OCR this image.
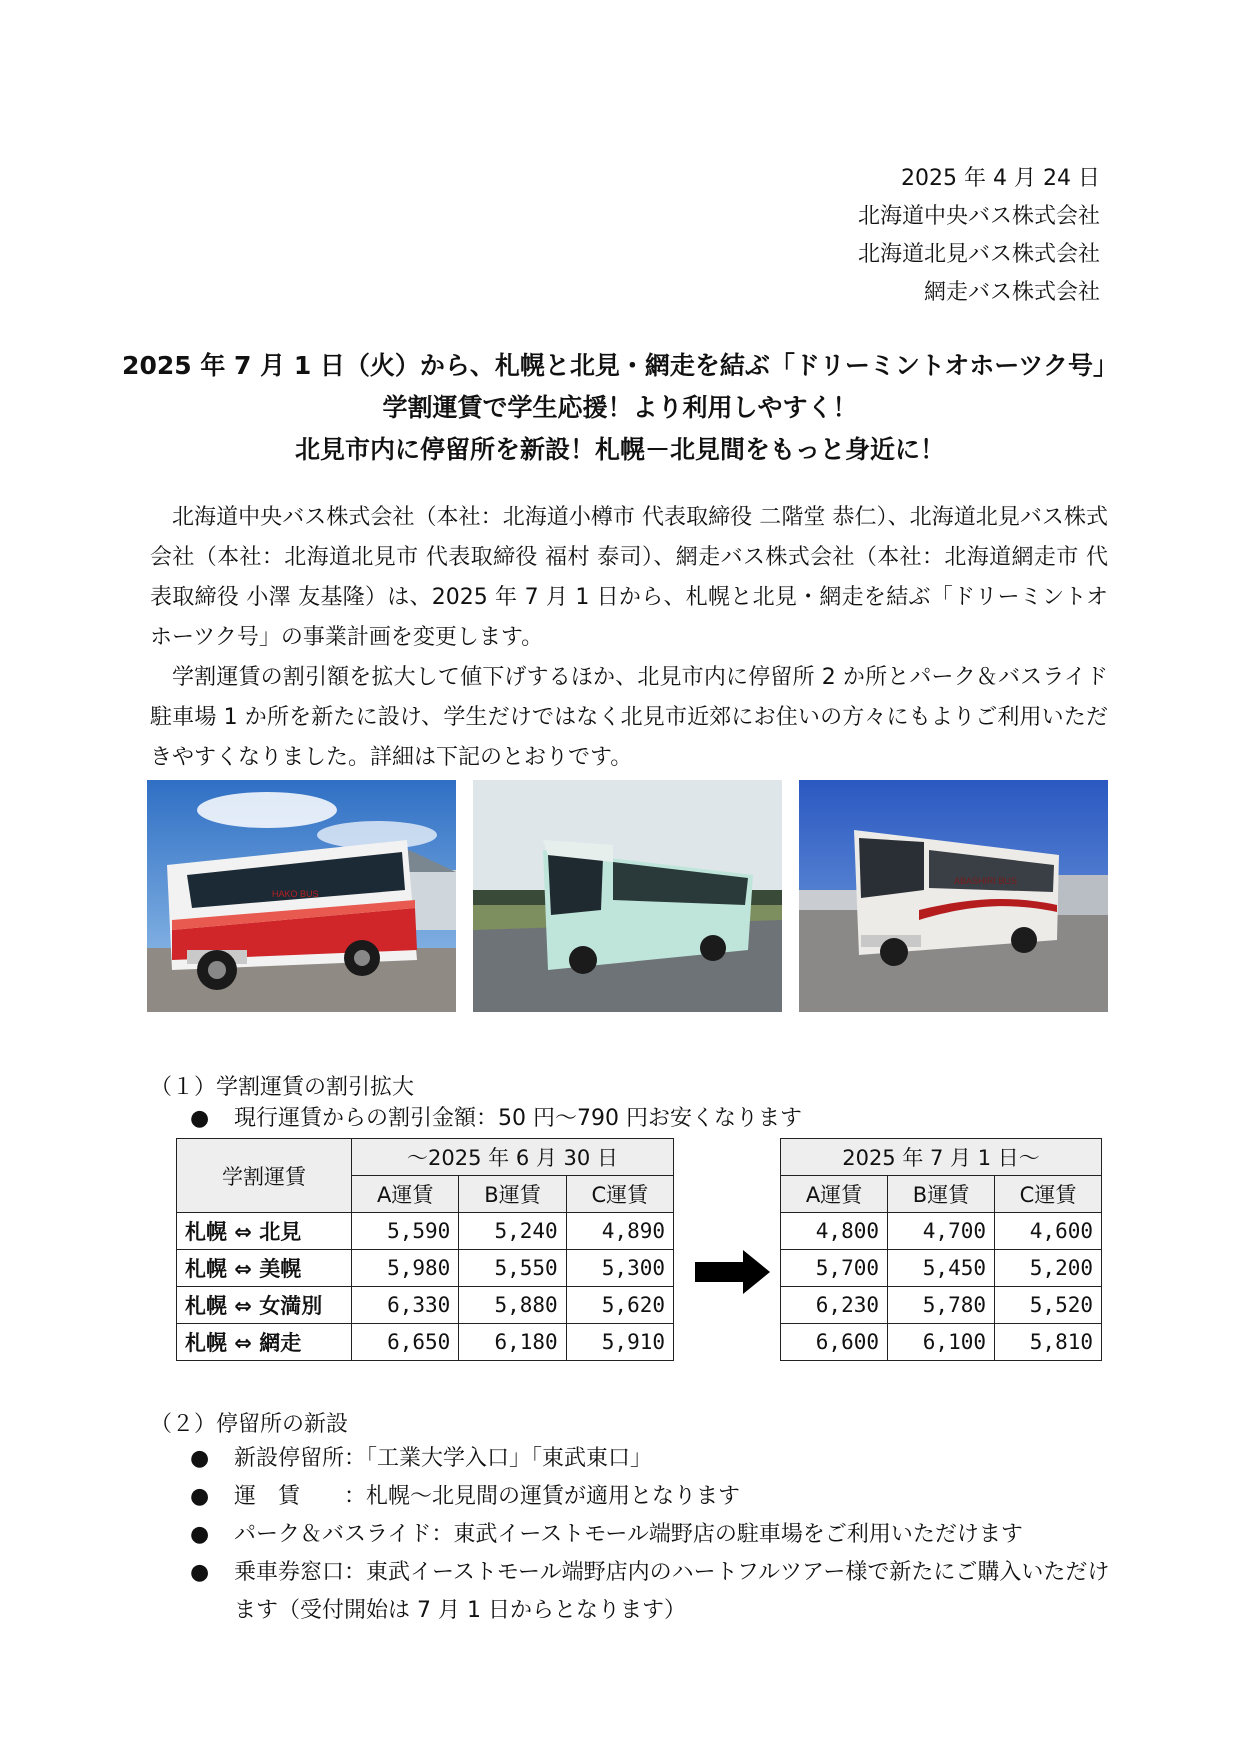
2025 年 4 月 24 日
北海道中央バス株式会社
北海道北見バス株式会社
網走バス株式会社
2025 年 7 月 1 日（火）から、札幌と北見・網走を結ぶ「ドリーミントオホーツク号」
学割運賃で学生応援！より利用しやすく！
北見市内に停留所を新設！札幌－北見間をもっと身近に！

北海道中央バス株式会社（本社：北海道小樽市 代表取締役 二階堂 恭仁）、北海道北見バス株式会社（本社：北海道北見市 代表取締役 福村 泰司）、網走バス株式会社（本社：北海道網走市 代表取締役 小澤 友基隆）は、2025 年 7 月 1 日から、札幌と北見・網走を結ぶ「ドリーミントオホーツク号」の事業計画を変更します。

学割運賃の割引額を拡大して値下げするほか、北見市内に停留所 2 か所とパーク＆バスライド駐車場 1 か所を新たに設け、学生だけではなく北見市近郊にお住いの方々にもよりご利用いただきやすくなりました。詳細は下記のとおりです。

HAKO BUS
ABASHIRI BUS
（１）学割運賃の割引拡大
● 現行運賃からの割引金額：50 円～790 円お安くなります
学割運賃	～2025 年 6 月 30 日		
	A運賃	B運賃	C運賃
札幌 ⇔ 北見	5,590	5,240	4,890
札幌 ⇔ 美幌	5,980	5,550	5,300
札幌 ⇔ 女満別	6,330	5,880	5,620
札幌 ⇔ 網走	6,650	6,180	5,910
2025 年 7 月 1 日～		
A運賃	B運賃	C運賃
4,800	4,700	4,600
5,700	5,450	5,200
6,230	5,780	5,520
6,600	6,100	5,810
（２）停留所の新設
●	新設停留所：「工業大学入口」「東武東口」
●	運　賃　　：札幌～北見間の運賃が適用となります
●	パーク＆バスライド：東武イーストモール端野店の駐車場をご利用いただけます
●	乗車券窓口：東武イーストモール端野店内のハートフルツアー様で新たにご購入いただけます（受付開始は 7 月 1 日からとなります）
